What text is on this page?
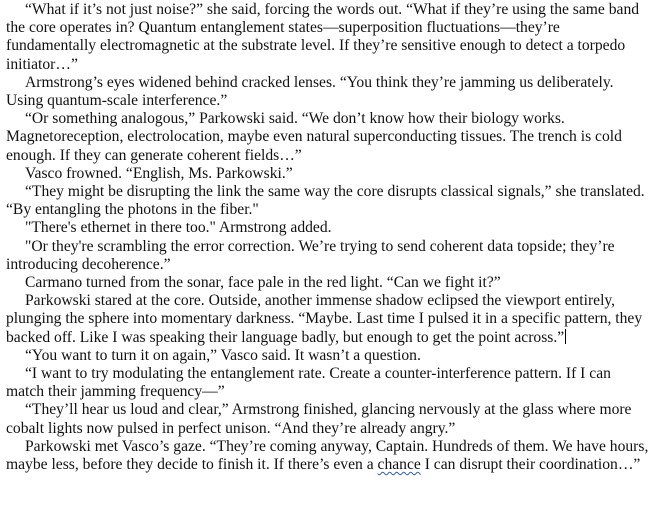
“What if it’s not just noise?” she said, forcing the words out. “What if they’re using the same band the core operates in? Quantum entanglement states—superposition fluctuations—they’re fundamentally electromagnetic at the substrate level. If they’re sensitive enough to detect a torpedo initiator…”

Armstrong’s eyes widened behind cracked lenses. “You think they’re jamming us deliberately. Using quantum-scale interference.”

“Or something analogous,” Parkowski said. “We don’t know how their biology works. Magnetoreception, electrolocation, maybe even natural superconducting tissues. The trench is cold enough. If they can generate coherent fields…”

Vasco frowned. “English, Ms. Parkowski.”

“They might be disrupting the link the same way the core disrupts classical signals,” she translated. “By entangling the photons in the fiber."

"There's ethernet in there too." Armstrong added.

"Or they're scrambling the error correction. We’re trying to send coherent data topside; they’re introducing decoherence.”

Carmano turned from the sonar, face pale in the red light. “Can we fight it?”

Parkowski stared at the core. Outside, another immense shadow eclipsed the viewport entirely, plunging the sphere into momentary darkness. “Maybe. Last time I pulsed it in a specific pattern, they backed off. Like I was speaking their language badly, but enough to get the point across.”

“You want to turn it on again,” Vasco said. It wasn’t a question.

“I want to try modulating the entanglement rate. Create a counter-interference pattern. If I can match their jamming frequency—”

“They’ll hear us loud and clear,” Armstrong finished, glancing nervously at the glass where more cobalt lights now pulsed in perfect unison. “And they’re already angry.”

Parkowski met Vasco’s gaze. “They’re coming anyway, Captain. Hundreds of them. We have hours, maybe less, before they decide to finish it. If there’s even a chance I can disrupt their coordination…”
